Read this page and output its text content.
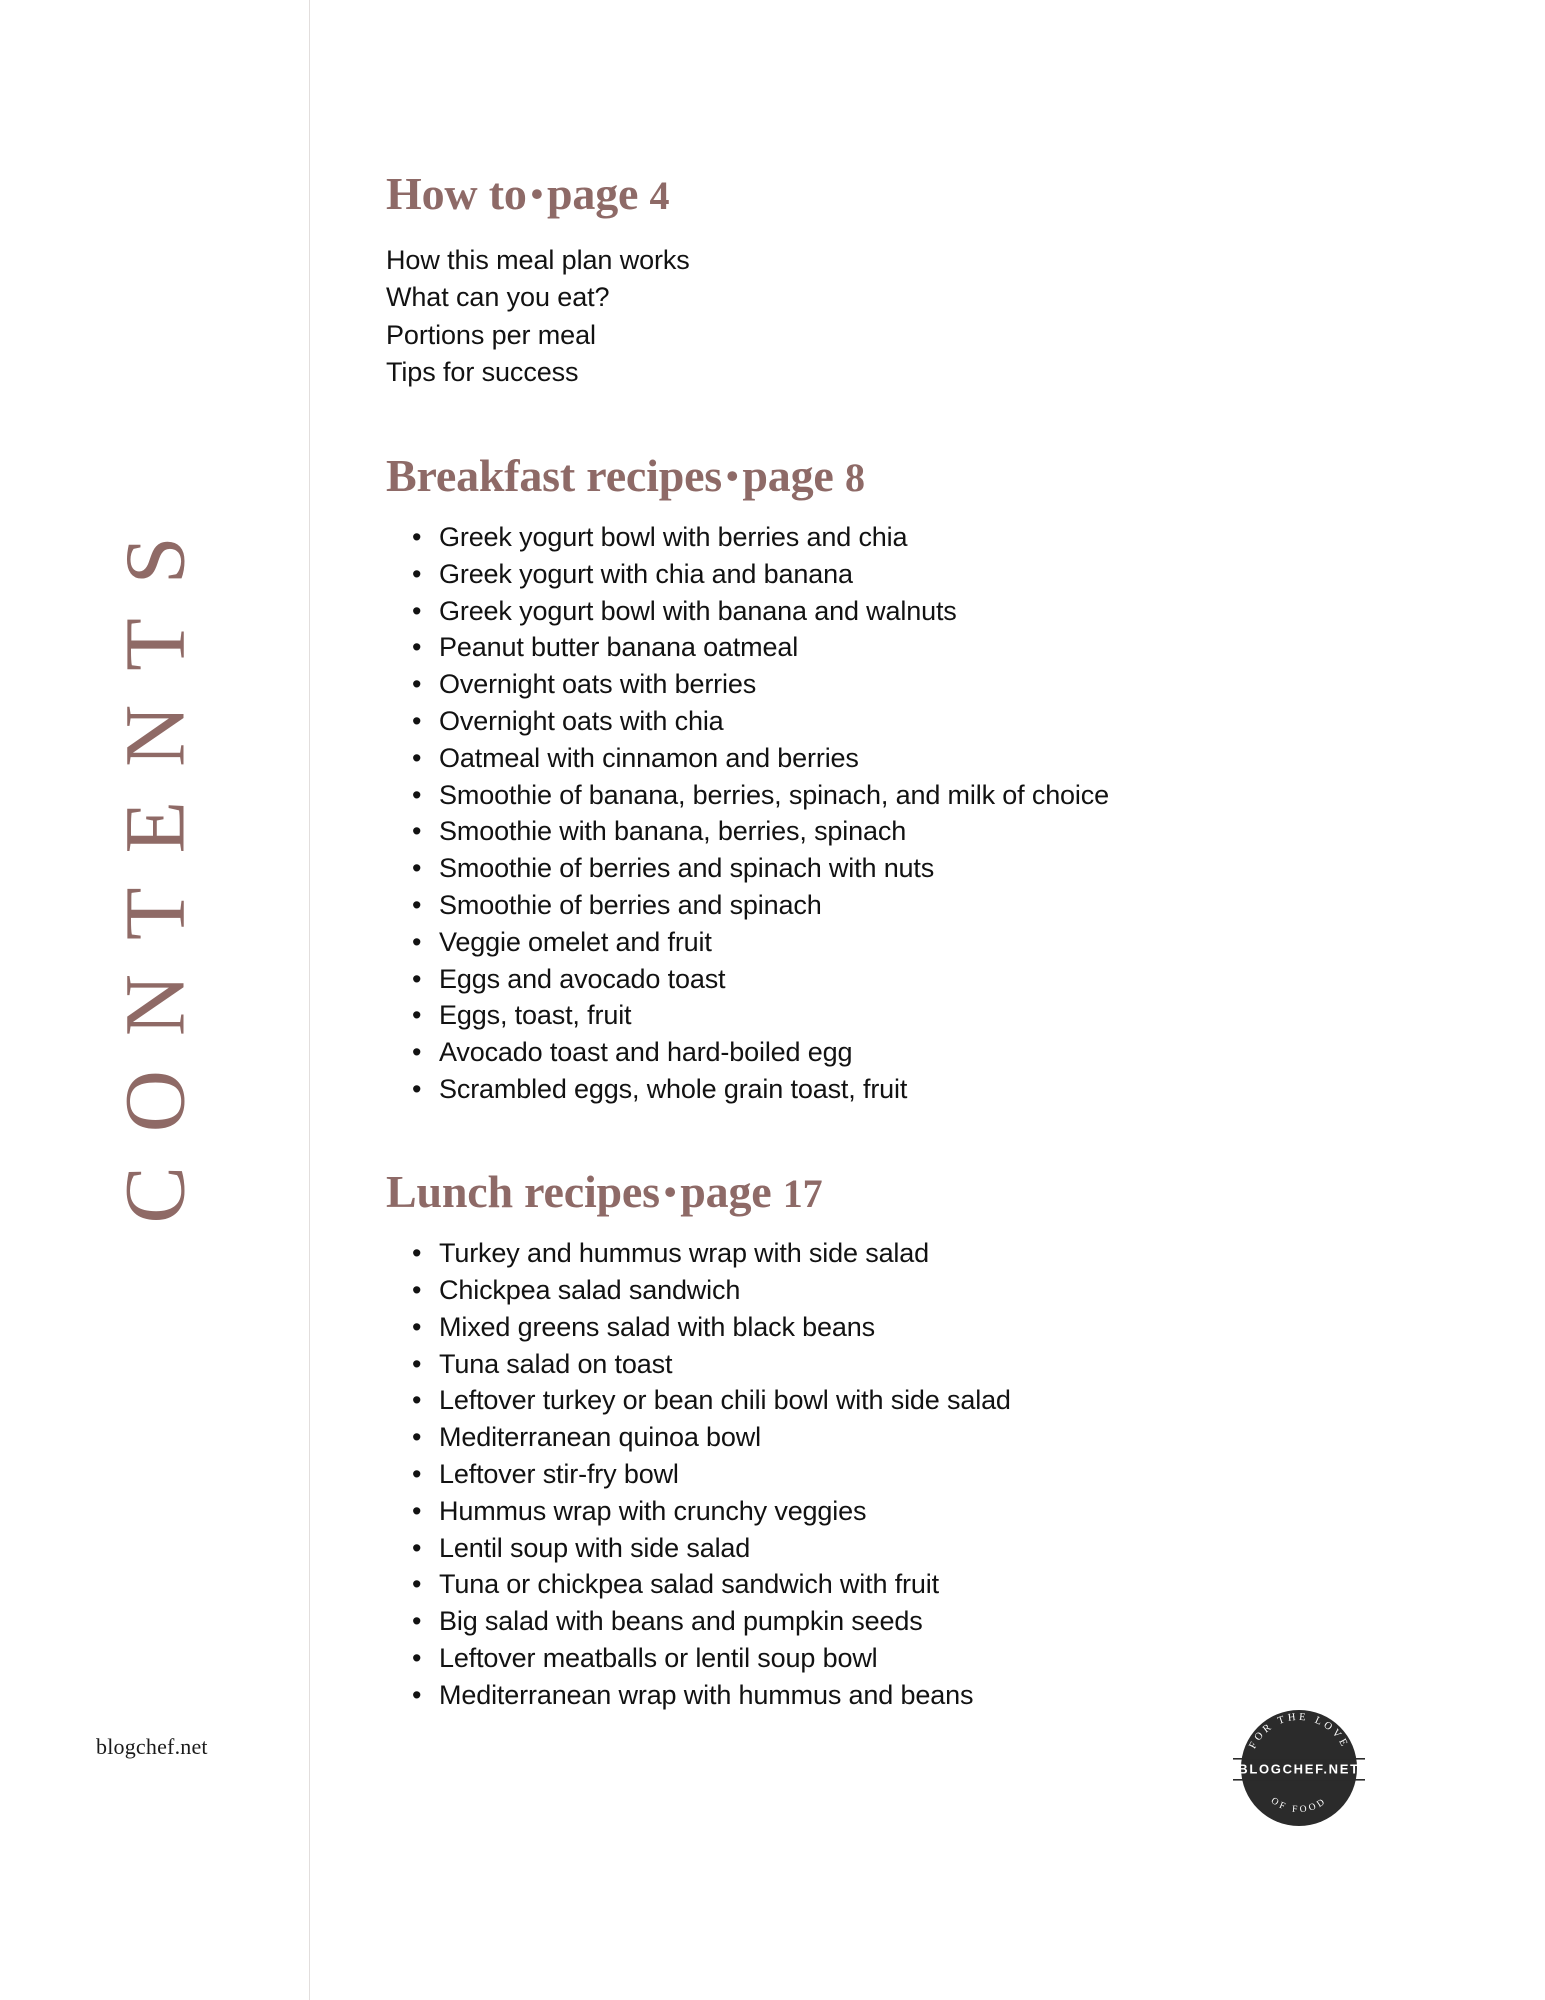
CONTENTS
blogchef.net
How to •page 4
How this meal plan works
What can you eat?
Portions per meal
Tips for success
Breakfast recipes •page 8
• Greek yogurt bowl with berries and chia
• Greek yogurt with chia and banana
• Greek yogurt bowl with banana and walnuts
• Peanut butter banana oatmeal
• Overnight oats with berries
• Overnight oats with chia
• Oatmeal with cinnamon and berries
• Smoothie of banana, berries, spinach, and milk of choice
• Smoothie with banana, berries, spinach
• Smoothie of berries and spinach with nuts
• Smoothie of berries and spinach
• Veggie omelet and fruit
• Eggs and avocado toast
• Eggs, toast, fruit
• Avocado toast and hard-boiled egg
• Scrambled eggs, whole grain toast, fruit
Lunch recipes •page 17
• Turkey and hummus wrap with side salad
• Chickpea salad sandwich
• Mixed greens salad with black beans
• Tuna salad on toast
• Leftover turkey or bean chili bowl with side salad
• Mediterranean quinoa bowl
• Leftover stir-fry bowl
• Hummus wrap with crunchy veggies
• Lentil soup with side salad
• Tuna or chickpea salad sandwich with fruit
• Big salad with beans and pumpkin seeds
• Leftover meatballs or lentil soup bowl
• Mediterranean wrap with hummus and beans
FOR THE LOVE
OF FOOD
BLOGCHEF.NET
